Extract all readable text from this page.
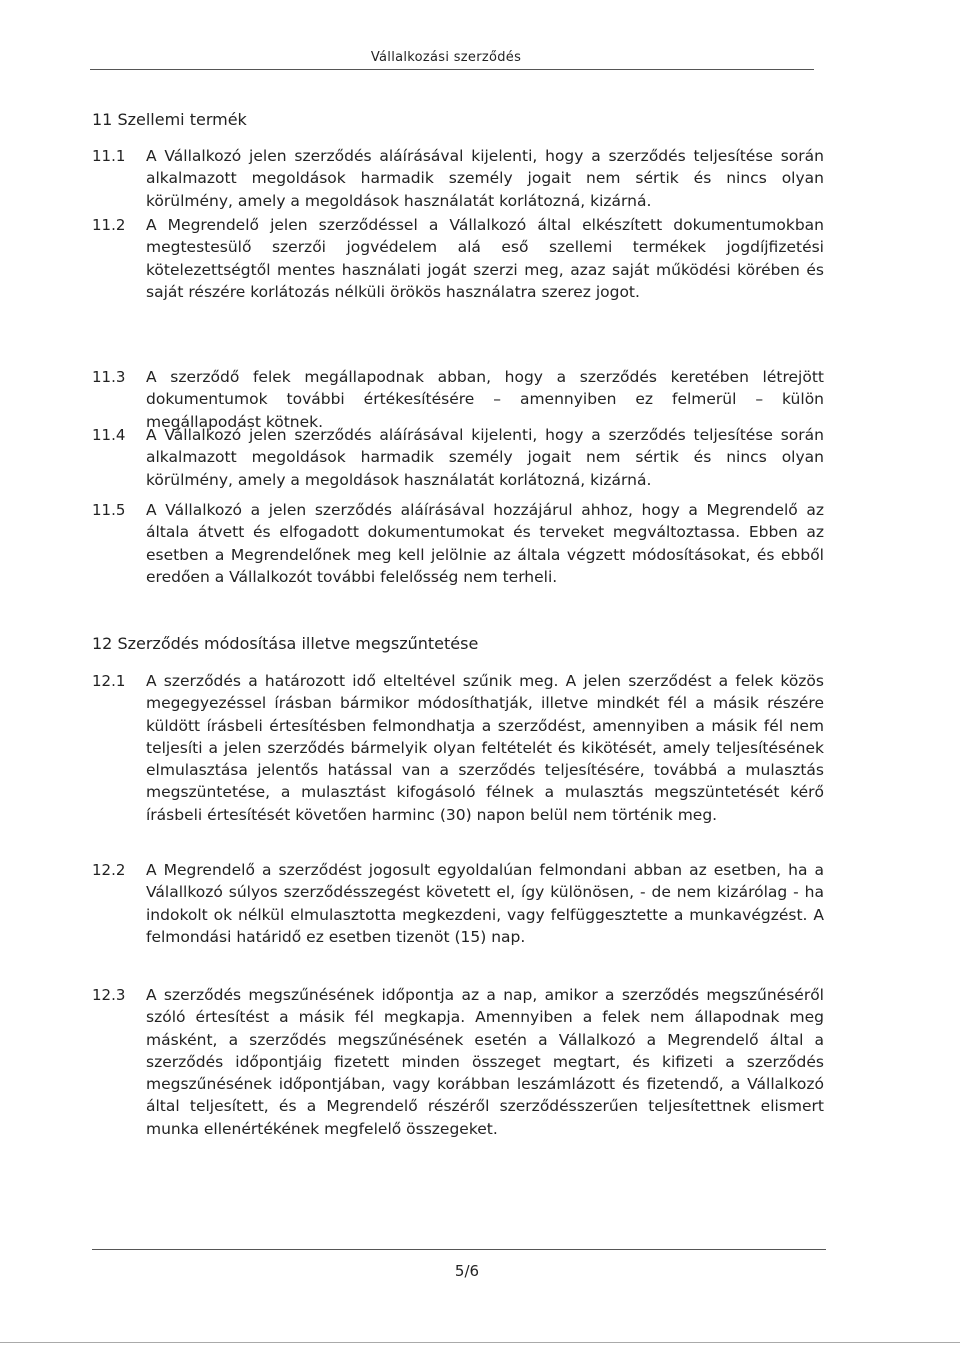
Vállalkozási szerződés
11 Szellemi termék
11.1 A Vállalkozó jelen szerződés aláírásával kijelenti, hogy a szerződés teljesítése során alkalmazott megoldások harmadik személy jogait nem sértik és nincs olyan körülmény, amely a megoldások használatát korlátozná, kizárná.
11.2 A Megrendelő jelen szerződéssel a Vállalkozó által elkészített dokumentumokban megtestesülő szerzői jogvédelem alá eső szellemi termékek jogdíjfizetési kötelezettségtől mentes használati jogát szerzi meg, azaz saját működési körében és saját részére korlátozás nélküli örökös használatra szerez jogot.
11.3 A szerződő felek megállapodnak abban, hogy a szerződés keretében létrejött dokumentumok további értékesítésére – amennyiben ez felmerül – külön megállapodást kötnek.
11.4 A Vállalkozó jelen szerződés aláírásával kijelenti, hogy a szerződés teljesítése során alkalmazott megoldások harmadik személy jogait nem sértik és nincs olyan körülmény, amely a megoldások használatát korlátozná, kizárná.
11.5 A Vállalkozó a jelen szerződés aláírásával hozzájárul ahhoz, hogy a Megrendelő az általa átvett és elfogadott dokumentumokat és terveket megváltoztassa. Ebben az esetben a Megrendelőnek meg kell jelölnie az általa végzett módosításokat, és ebből eredően a Vállalkozót további felelősség nem terheli.
12 Szerződés módosítása illetve megszűntetése
12.1 A szerződés a határozott idő elteltével szűnik meg. A jelen szerződést a felek közös megegyezéssel írásban bármikor módosíthatják, illetve mindkét fél a másik részére küldött írásbeli értesítésben felmondhatja a szerződést, amennyiben a másik fél nem teljesíti a jelen szerződés bármelyik olyan feltételét és kikötését, amely teljesítésének elmulasztása jelentős hatással van a szerződés teljesítésére, továbbá a mulasztás megszüntetése, a mulasztást kifogásoló félnek a mulasztás megszüntetését kérő írásbeli értesítését követően harminc (30) napon belül nem történik meg.
12.2 A Megrendelő a szerződést jogosult egyoldalúan felmondani abban az esetben, ha a Válallkozó súlyos szerződésszegést követett el, így különösen, - de nem kizárólag - ha indokolt ok nélkül elmulasztotta megkezdeni, vagy felfüggesztette a munkavégzést. A felmondási határidő ez esetben tizenöt (15) nap.
12.3 A szerződés megszűnésének időpontja az a nap, amikor a szerződés megszűnéséről szóló értesítést a másik fél megkapja. Amennyiben a felek nem állapodnak meg másként, a szerződés megszűnésének esetén a Vállalkozó a Megrendelő által a szerződés időpontjáig fizetett minden összeget megtart, és kifizeti a szerződés megszűnésének időpontjában, vagy korábban leszámlázott és fizetendő, a Vállalkozó által teljesített, és a Megrendelő részéről szerződésszerűen teljesítettnek elismert munka ellenértékének megfelelő összegeket.
5/6
